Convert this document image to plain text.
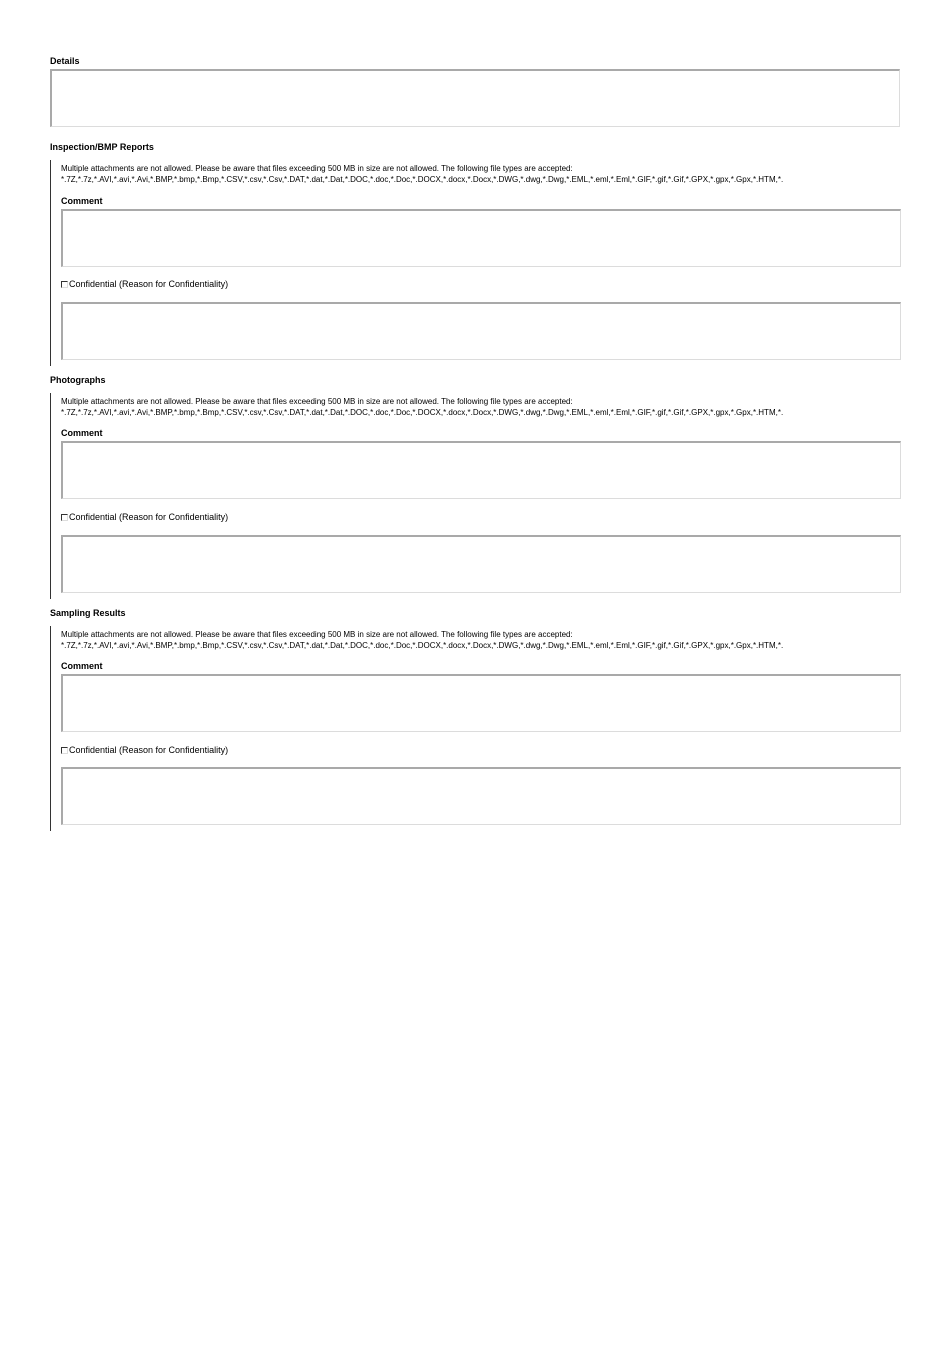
Details
Inspection/BMP Reports
Multiple attachments are not allowed. Please be aware that files exceeding 500 MB in size are not allowed. The following file types are accepted:
*.7Z,*.7z,*.AVI,*.avi,*.Avi,*.BMP,*.bmp,*.Bmp,*.CSV,*.csv,*.Csv,*.DAT,*.dat,*.Dat,*.DOC,*.doc,*.Doc,*.DOCX,*.docx,*.Docx,*.DWG,*.dwg,*.Dwg,*.EML,*.eml,*.Eml,*.GIF,*.gif,*.Gif,*.GPX,*.gpx,*.Gpx,*.HTM,*.
Comment
Confidential (Reason for Confidentiality)
Photographs
Multiple attachments are not allowed. Please be aware that files exceeding 500 MB in size are not allowed. The following file types are accepted:
*.7Z,*.7z,*.AVI,*.avi,*.Avi,*.BMP,*.bmp,*.Bmp,*.CSV,*.csv,*.Csv,*.DAT,*.dat,*.Dat,*.DOC,*.doc,*.Doc,*.DOCX,*.docx,*.Docx,*.DWG,*.dwg,*.Dwg,*.EML,*.eml,*.Eml,*.GIF,*.gif,*.Gif,*.GPX,*.gpx,*.Gpx,*.HTM,*.
Comment
Confidential (Reason for Confidentiality)
Sampling Results
Multiple attachments are not allowed. Please be aware that files exceeding 500 MB in size are not allowed. The following file types are accepted:
*.7Z,*.7z,*.AVI,*.avi,*.Avi,*.BMP,*.bmp,*.Bmp,*.CSV,*.csv,*.Csv,*.DAT,*.dat,*.Dat,*.DOC,*.doc,*.Doc,*.DOCX,*.docx,*.Docx,*.DWG,*.dwg,*.Dwg,*.EML,*.eml,*.Eml,*.GIF,*.gif,*.Gif,*.GPX,*.gpx,*.Gpx,*.HTM,*.
Comment
Confidential (Reason for Confidentiality)
